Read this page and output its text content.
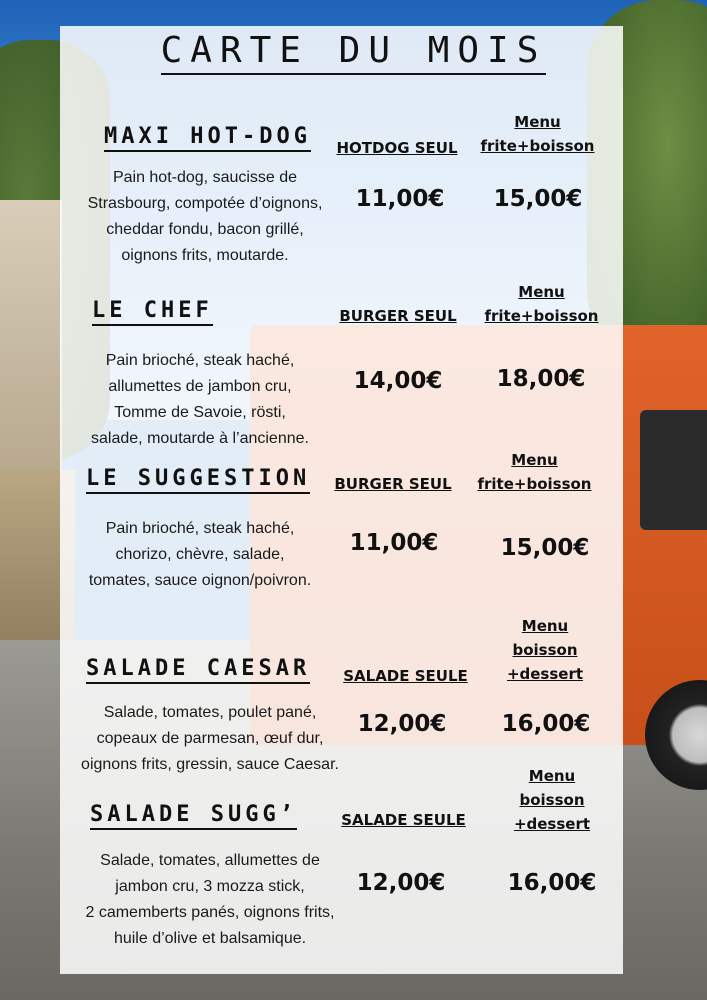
CARTE DU MOIS
MAXI HOT-DOG
Pain hot-dog, saucisse de
Strasbourg, compotée d’oignons,
cheddar fondu, bacon grillé,
oignons frits, moutarde.
HOTDOG SEUL
Menu
frite+boisson
11,00€	15,00€
LE CHEF
Pain brioché, steak haché,
allumettes de jambon cru,
Tomme de Savoie, rösti,
salade, moutarde à l’ancienne.
BURGER SEUL
Menu
frite+boisson
14,00€	18,00€
LE SUGGESTION
Pain brioché, steak haché,
chorizo, chèvre, salade,
tomates, sauce oignon/poivron.
BURGER SEUL
Menu
frite+boisson
11,00€	15,00€
SALADE CAESAR
Salade, tomates, poulet pané,
copeaux de parmesan, œuf dur,
oignons frits, gressin, sauce Caesar.
SALADE SEULE
Menu
boisson
+dessert
12,00€	16,00€
SALADE SUGG’
Salade, tomates, allumettes de
jambon cru, 3 mozza stick,
2 camemberts panés, oignons frits,
huile d’olive et balsamique.
SALADE SEULE
Menu
boisson
+dessert
12,00€	16,00€
